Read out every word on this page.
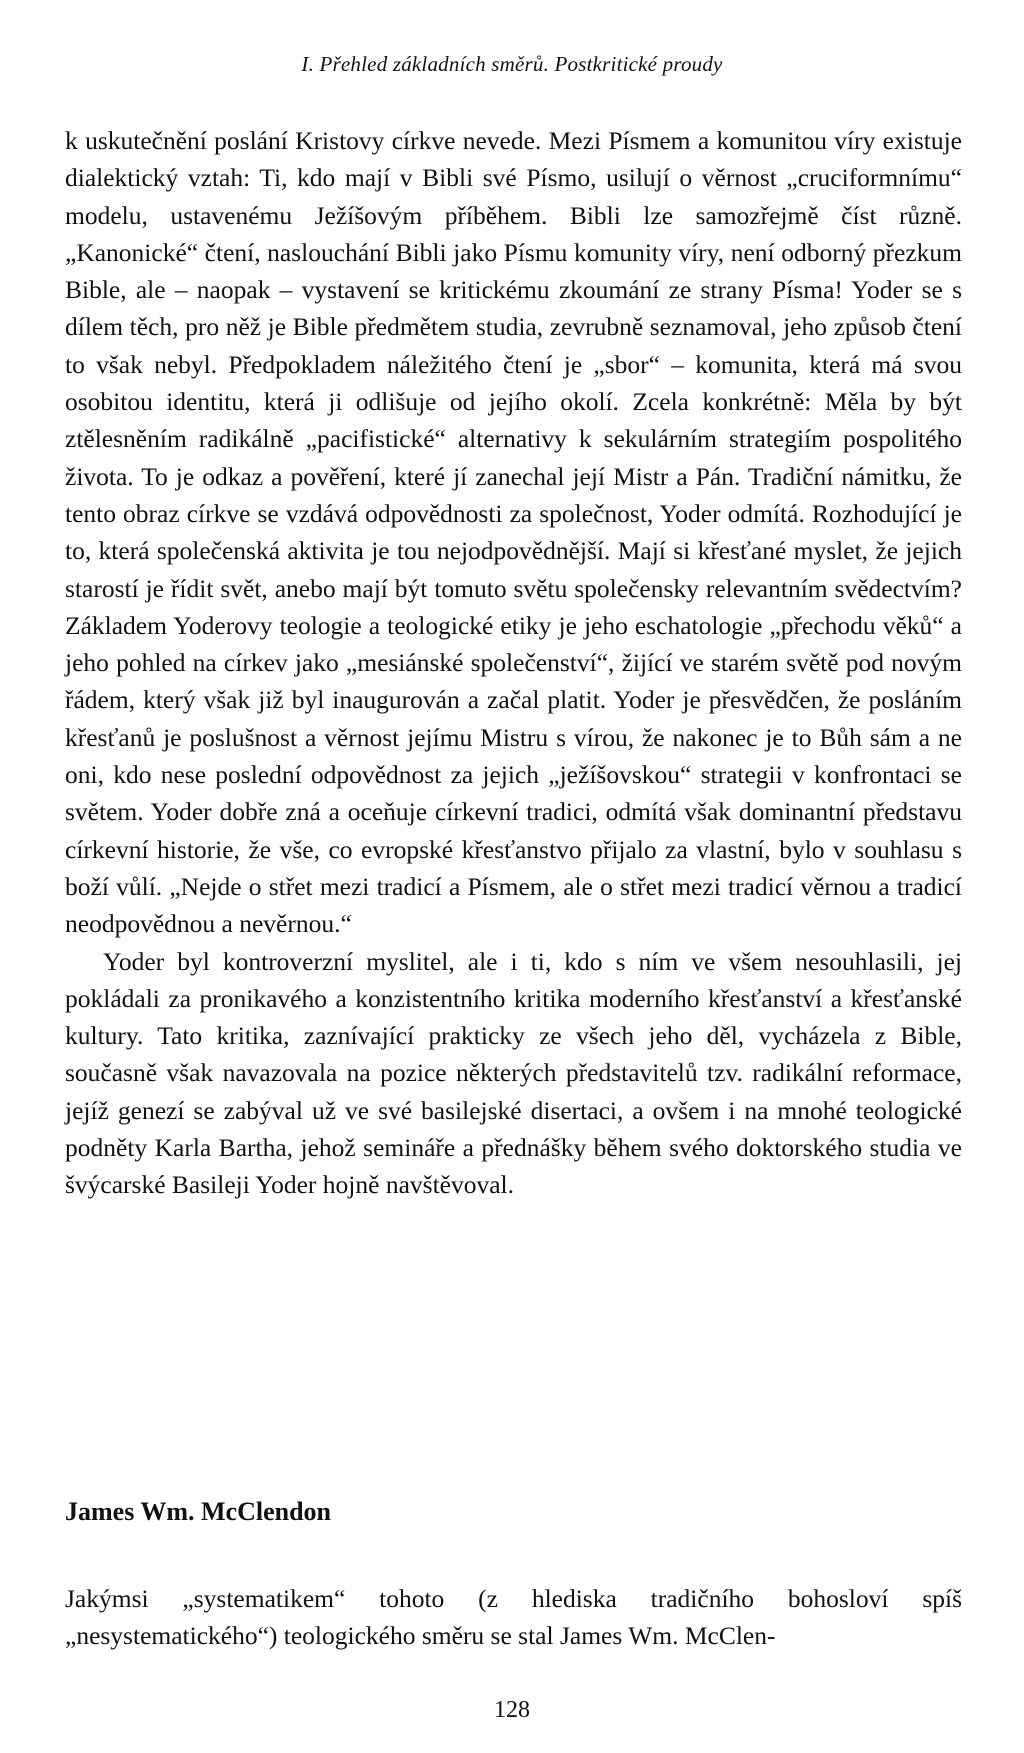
I. Přehled základních směrů. Postkritické proudy

k uskutečnění poslání Kristovy církve nevede. Mezi Písmem a komunitou víry existuje dialektický vztah: Ti, kdo mají v Bibli své Písmo, usilují o věrnost „cruciformnímu“ modelu, ustavenému Ježíšovým příběhem. Bibli lze samozřejmě číst různě. „Kanonické“ čtení, naslouchání Bibli jako Písmu komunity víry, není odborný přezkum Bible, ale – naopak – vystavení se kritickému zkoumání ze strany Písma! Yoder se s dílem těch, pro něž je Bible předmětem studia, zevrubně seznamoval, jeho způsob čtení to však nebyl. Předpokladem náležitého čtení je „sbor“ – komunita, která má svou osobitou identitu, která ji odlišuje od jejího okolí. Zcela konkrétně: Měla by být ztělesněním radikálně „pacifistické“ alternativy k sekulárním strategiím pospolitého života. To je odkaz a pověření, které jí zanechal její Mistr a Pán. Tradiční námitku, že tento obraz církve se vzdává odpovědnosti za společnost, Yoder odmítá. Rozhodující je to, která společenská aktivita je tou nejodpovědnější. Mají si křesťané myslet, že jejich starostí je řídit svět, anebo mají být tomuto světu společensky relevantním svědectvím? Základem Yoderovy teologie a teologické etiky je jeho eschatologie „přechodu věků“ a jeho pohled na církev jako „mesiánské společenství“, žijící ve starém světě pod novým řádem, který však již byl inaugurován a začal platit. Yoder je přesvědčen, že posláním křesťanů je poslušnost a věrnost jejímu Mistru s vírou, že nakonec je to Bůh sám a ne oni, kdo nese poslední odpovědnost za jejich „ježíšovskou“ strategii v konfrontaci se světem. Yoder dobře zná a oceňuje církevní tradici, odmítá však dominantní představu církevní historie, že vše, co evropské křesťanstvo přijalo za vlastní, bylo v souhlasu s boží vůlí. „Nejde o střet mezi tradicí a Písmem, ale o střet mezi tradicí věrnou a tradicí neodpovědnou a nevěrnou.“

Yoder byl kontroverzní myslitel, ale i ti, kdo s ním ve všem nesouhlasili, jej pokládali za pronikavého a konzistentního kritika moderního křesťanství a křesťanské kultury. Tato kritika, zaznívající prakticky ze všech jeho děl, vycházela z Bible, současně však navazovala na pozice některých představitelů tzv. radikální reformace, jejíž genezí se zabýval už ve své basilejské disertaci, a ovšem i na mnohé teologické podněty Karla Bartha, jehož semináře a přednášky během svého doktorského studia ve švýcarské Basileji Yoder hojně navštěvoval.

James Wm. McClendon

Jakýmsi „systematikem“ tohoto (z hlediska tradičního bohosloví spíš „nesystematického“) teologického směru se stal James Wm. McClen-

128
